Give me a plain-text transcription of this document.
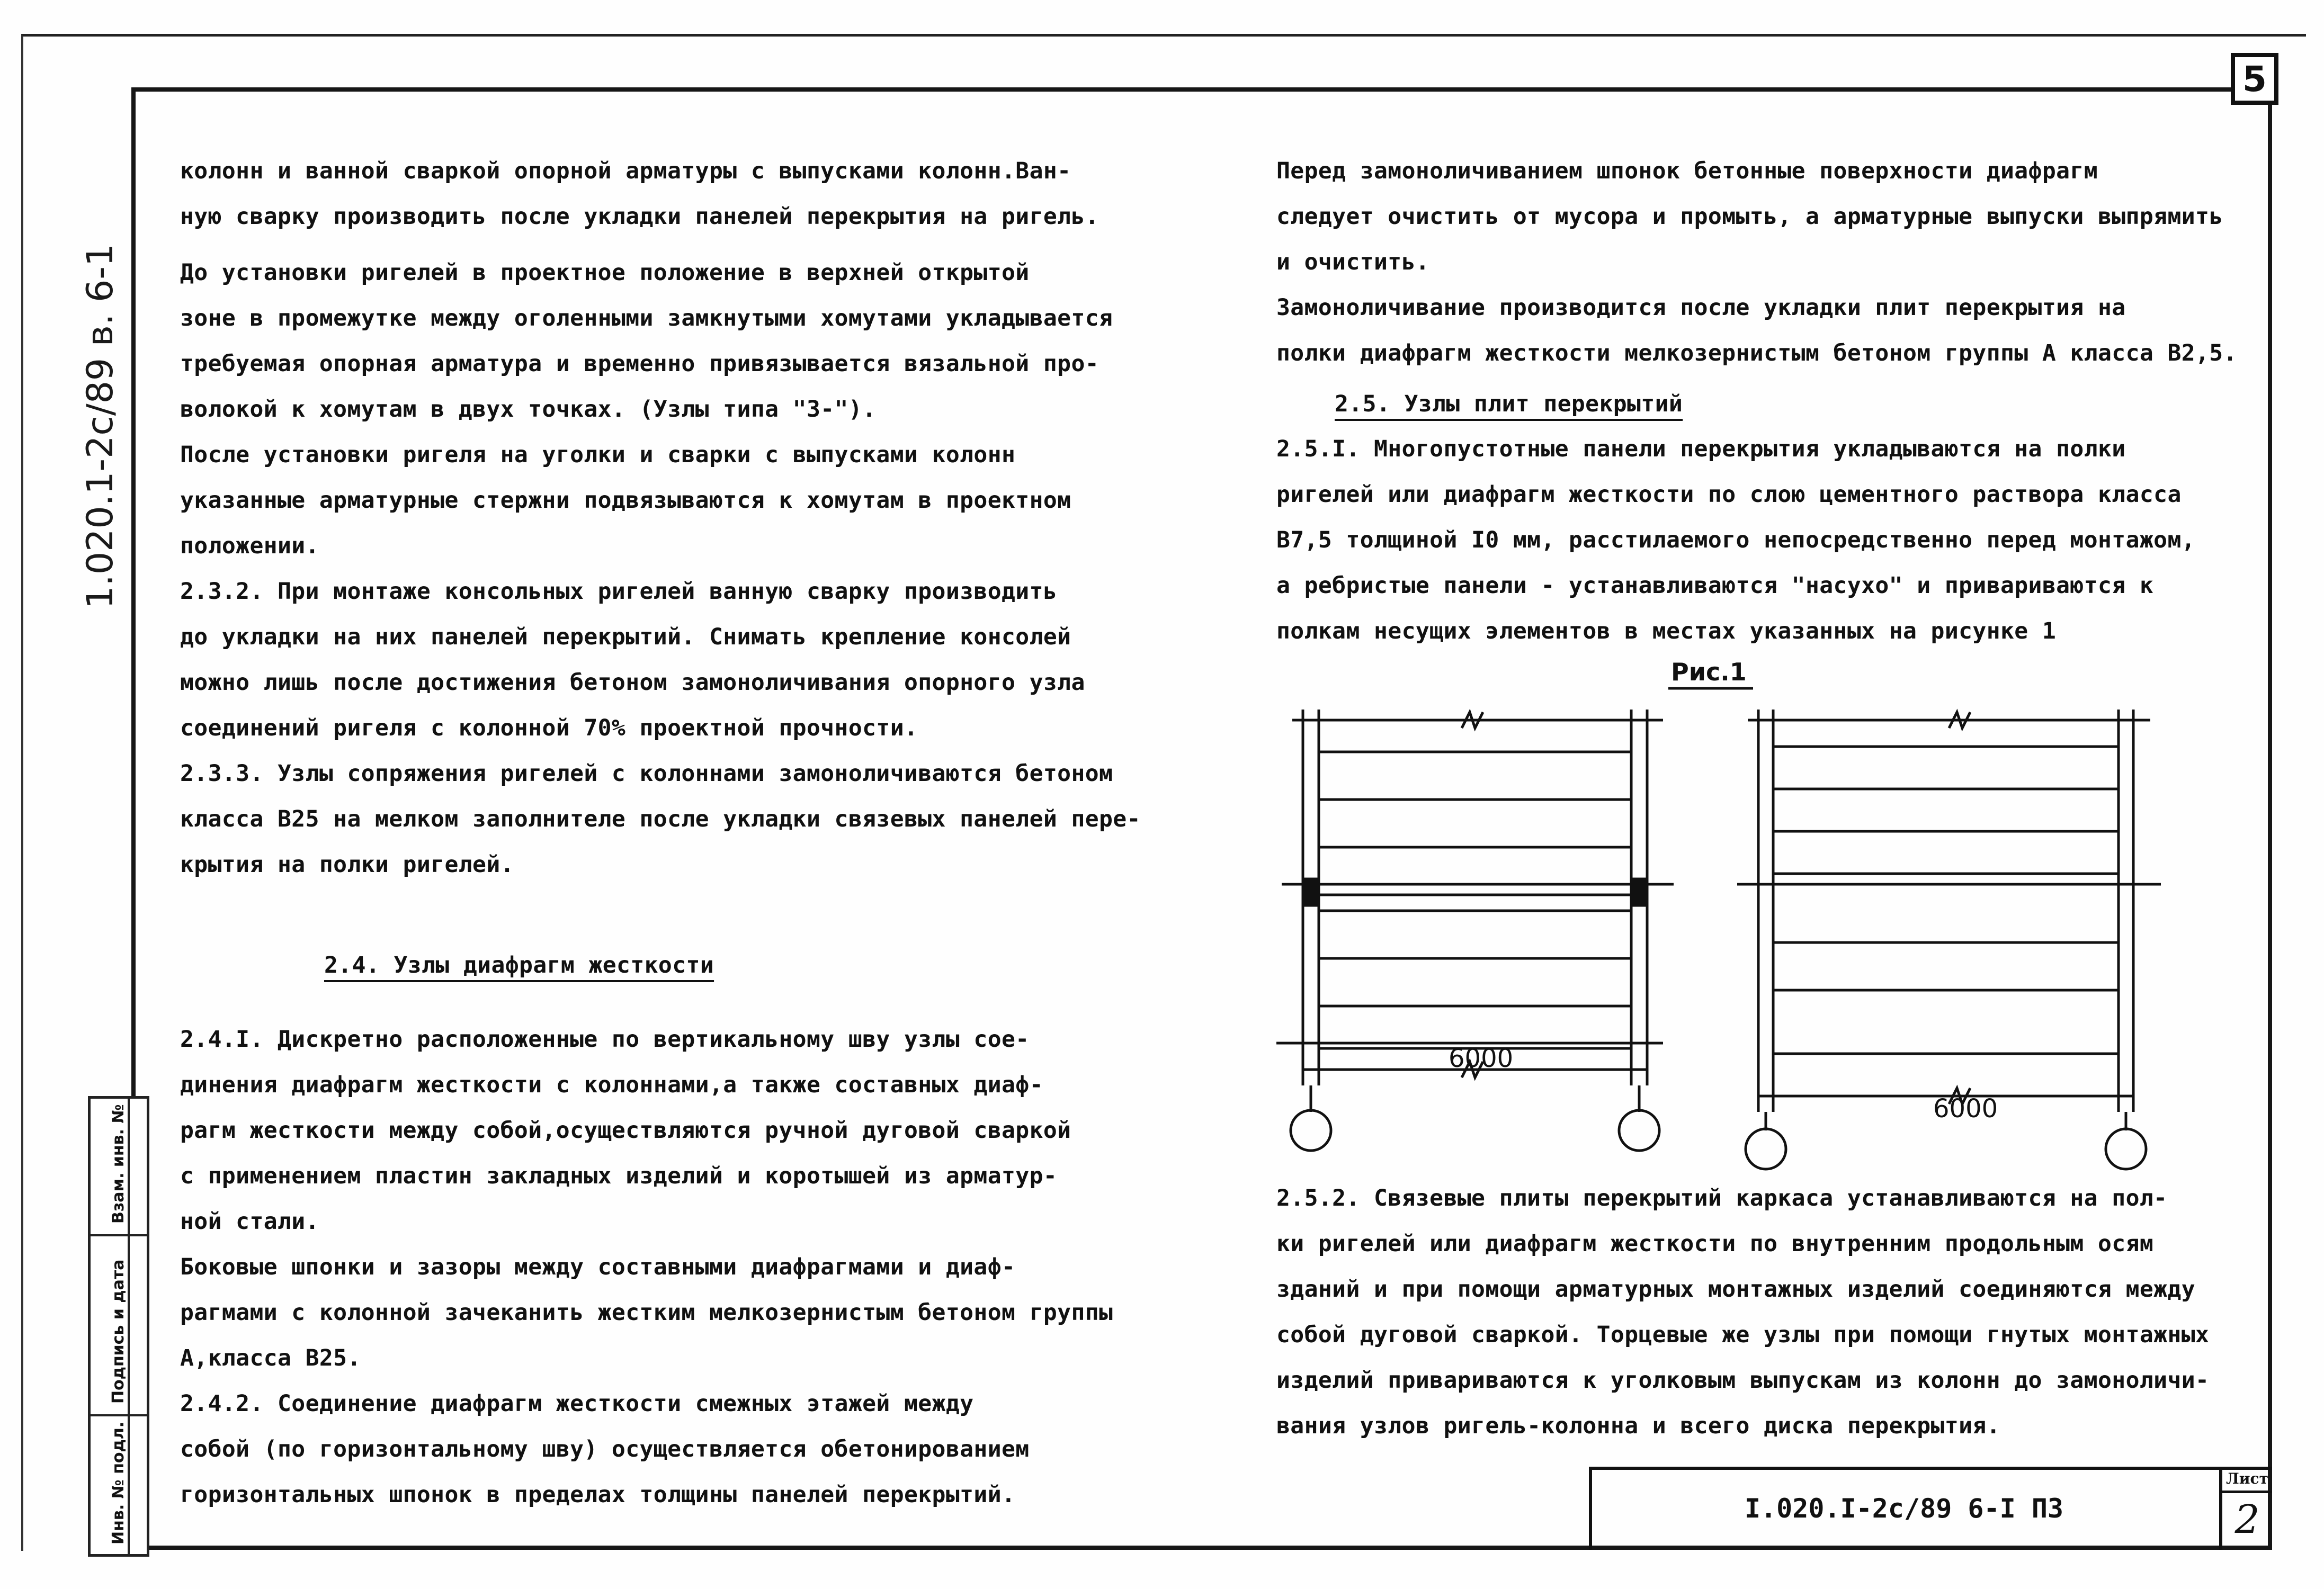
5
1.020.1-2с/89 в. 6-1
Взам. инв. №
Подпись и дата
Инв. № подл.

колонн и ванной сваркой опорной арматуры с выпусками колонн.Ван-

ную сварку производить после укладки панелей перекрытия на ригель.

До установки ригелей в проектное положение в верхней открытой

зоне в промежутке между оголенными замкнутыми хомутами укладывается

требуемая опорная арматура и временно привязывается вязальной про-

волокой к хомутам в двух точках. (Узлы типа "3-").

После установки ригеля на уголки и сварки с выпусками колонн

указанные арматурные стержни подвязываются к хомутам в проектном

положении.

2.3.2. При монтаже консольных ригелей ванную сварку производить

до укладки на них панелей перекрытий. Снимать крепление консолей

можно лишь после достижения бетоном замоноличивания опорного узла

соединений ригеля с колонной 70% проектной прочности.

2.3.3. Узлы сопряжения ригелей с колоннами замоноличиваются бетоном

класса В25 на мелком заполнителе после укладки связевых панелей пере-

крытия на полки ригелей.

2.4. Узлы диафрагм жесткости

2.4.I. Дискретно расположенные по вертикальному шву узлы сое-

динения диафрагм жесткости с колоннами,а также составных диаф-

рагм жесткости между собой,осуществляются ручной дуговой сваркой

с применением пластин закладных изделий и коротышей из арматур-

ной стали.

Боковые шпонки и зазоры между составными диафрагмами и диаф-

рагмами с колонной зачеканить жестким мелкозернистым бетоном группы

А,класса В25.

2.4.2. Соединение диафрагм жесткости смежных этажей между

собой (по горизонтальному шву) осуществляется обетонированием

горизонтальных шпонок в пределах толщины панелей перекрытий.

Перед замоноличиванием шпонок бетонные поверхности диафрагм

следует очистить от мусора и промыть, а арматурные выпуски выпрямить

и очистить.

Замоноличивание производится после укладки плит перекрытия на

полки диафрагм жесткости мелкозернистым бетоном группы А класса В2,5.

2.5. Узлы плит перекрытий

2.5.I. Многопустотные панели перекрытия укладываются на полки

ригелей или диафрагм жесткости по слою цементного раствора класса

В7,5 толщиной I0 мм, расстилаемого непосредственно перед монтажом,

а ребристые панели - устанавливаются "насухо" и привариваются к

полкам несущих элементов в местах указанных на рисунке 1

2.5.2. Связевые плиты перекрытий каркаса устанавливаются на пол-

ки ригелей или диафрагм жесткости по внутренним продольным осям

зданий и при помощи арматурных монтажных изделий соединяются между

собой дуговой сваркой. Торцевые же узлы при помощи гнутых монтажных

изделий привариваются к уголковым выпускам из колонн до замоноличи-

вания узлов ригель-колонна и всего диска перекрытия.

Рис.1
6000
6000
I.020.I-2с/89 6-I ПЗ
Лист
2
